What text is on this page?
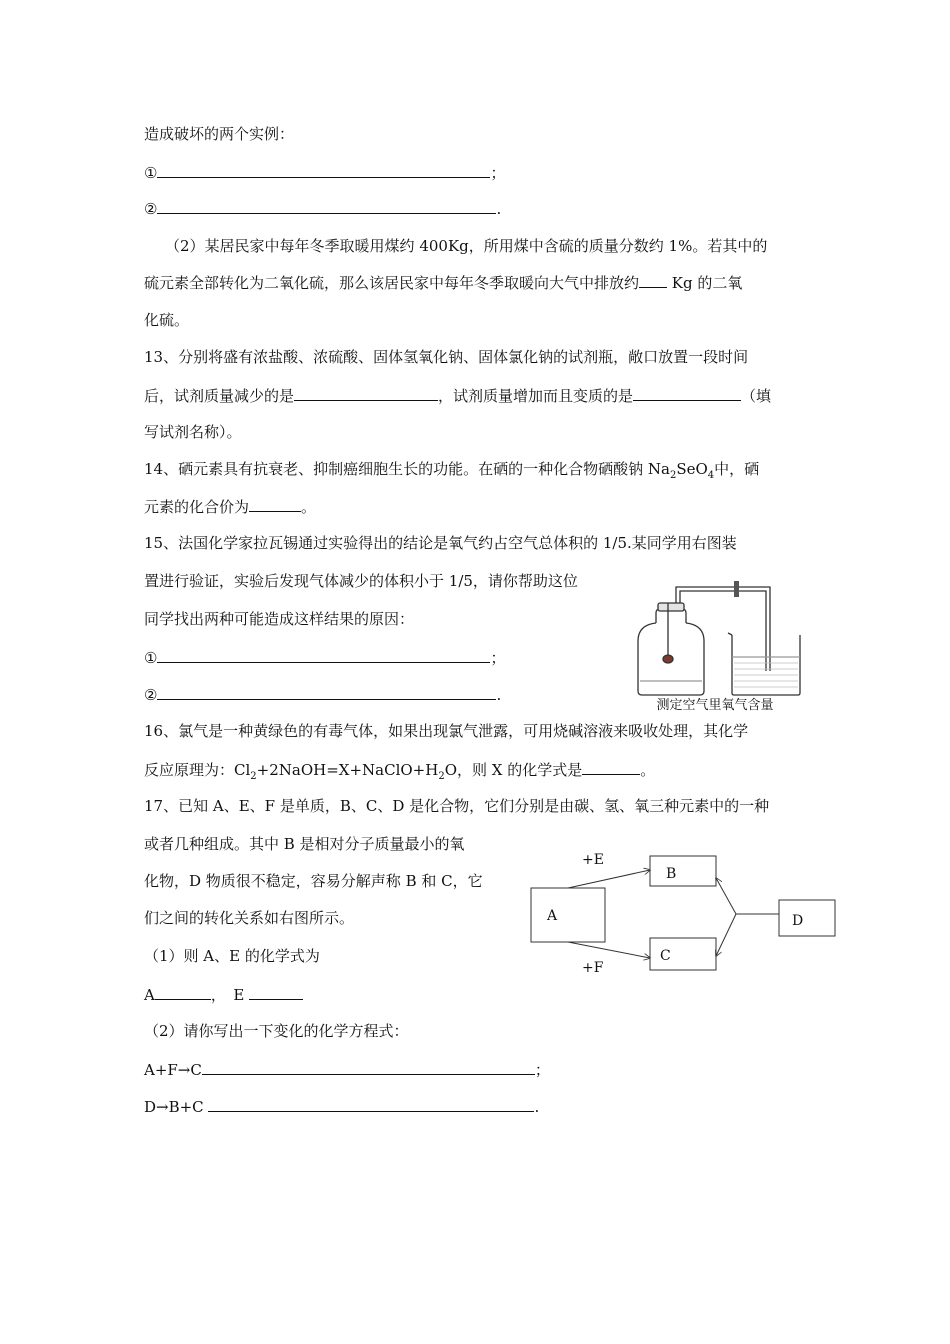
造成破坏的两个实例：
①	；
②	.
（2）某居民家中每年冬季取暖用煤约 400Kg，所用煤中含硫的质量分数约 1%。若其中的
硫元素全部转化为二氧化硫，那么该居民家中每年冬季取暖向大气中排放约 Kg 的二氧
化硫。
13、分别将盛有浓盐酸、浓硫酸、固体氢氧化钠、固体氯化钠的试剂瓶，敞口放置一段时间
后，试剂质量减少的是	，试剂质量增加而且变质的是	（填
写试剂名称）。
14、硒元素具有抗衰老、抑制癌细胞生长的功能。在硒的一种化合物硒酸钠 $Na_2SeO_4$中，硒
元素的化合价为	。
15、法国化学家拉瓦锡通过实验得出的结论是氧气约占空气总体积的 1/5.某同学用右图装
置进行验证，实验后发现气体减少的体积小于 1/5，请你帮助这位
同学找出两种可能造成这样结果的原因：
①	；
②	.
16、氯气是一种黄绿色的有毒气体，如果出现氯气泄露，可用烧碱溶液来吸收处理，其化学
反应原理为：$Cl_2+2NaOH=X+NaClO+H_2O$，则 X 的化学式是	。
17、已知 A、E、F 是单质，B、C、D 是化合物，它们分别是由碳、氢、氧三种元素中的一种
或者几种组成。其中 B 是相对分子质量最小的氧
化物，D 物质很不稳定，容易分解声称 B 和 C，它
们之间的转化关系如右图所示。
（1）则 A、E 的化学式为
A	，　E
（2）请你写出一下变化的化学方程式：
A+F→C	；
D→B+C	.
测定空气里氧气含量
A
B
C
D
+E
+F
